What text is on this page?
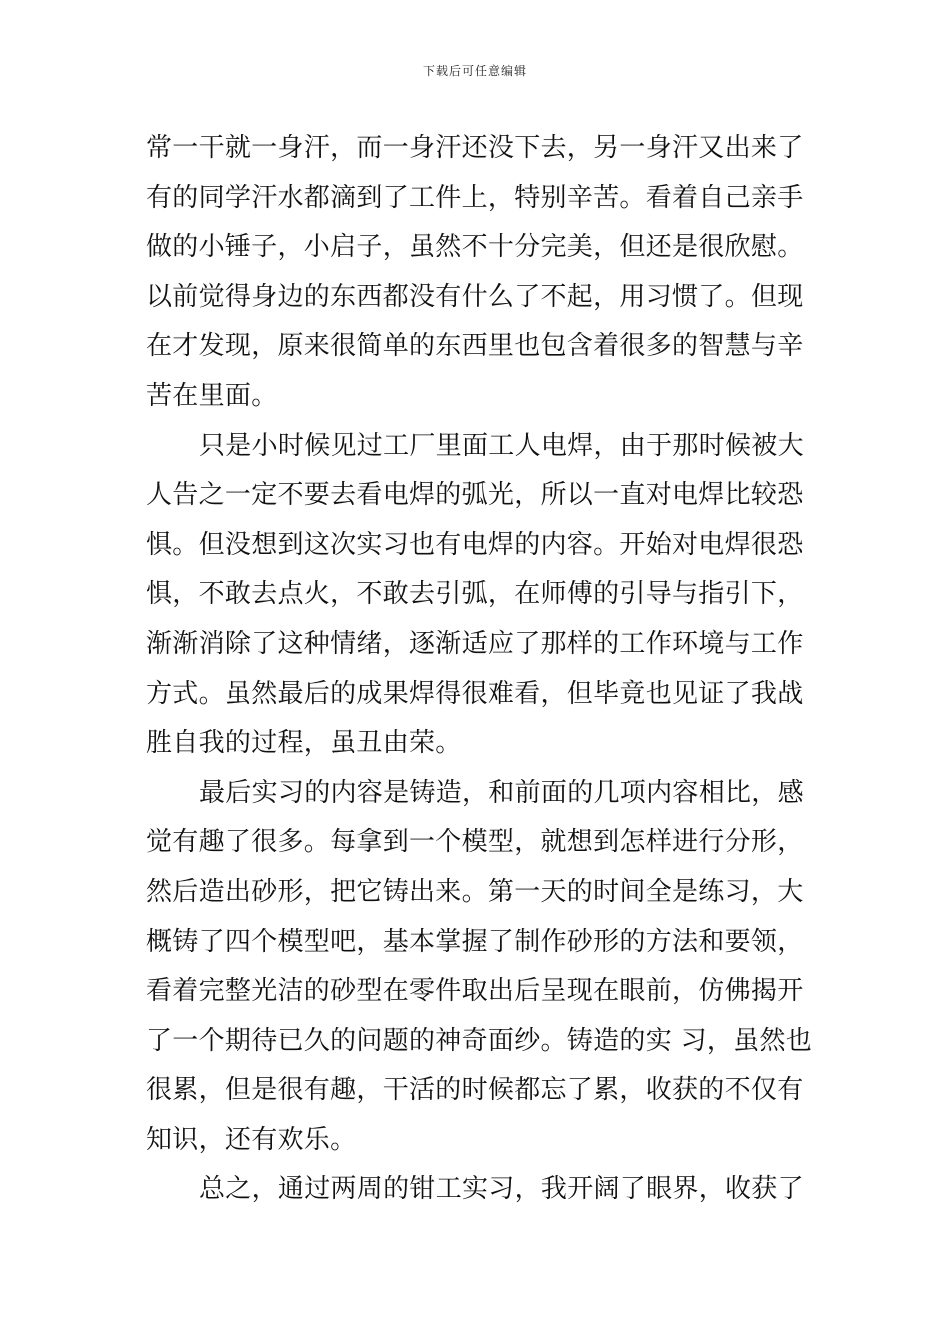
下载后可任意编辑
常一干就一身汗，而一身汗还没下去，另一身汗又出来了
有的同学汗水都滴到了工件上，特别辛苦。看着自己亲手
做的小锤子，小启子，虽然不十分完美，但还是很欣慰。
以前觉得身边的东西都没有什么了不起，用习惯了。但现
在才发现，原来很简单的东西里也包含着很多的智慧与辛
苦在里面。
只是小时候见过工厂里面工人电焊，由于那时候被大
人告之一定不要去看电焊的弧光，所以一直对电焊比较恐
惧。但没想到这次实习也有电焊的内容。开始对电焊很恐
惧，不敢去点火，不敢去引弧，在师傅的引导与指引下，
渐渐消除了这种情绪，逐渐适应了那样的工作环境与工作
方式。虽然最后的成果焊得很难看，但毕竟也见证了我战
胜自我的过程，虽丑由荣。
最后实习的内容是铸造，和前面的几项内容相比，感
觉有趣了很多。每拿到一个模型，就想到怎样进行分形，
然后造出砂形，把它铸出来。第一天的时间全是练习，大
概铸了四个模型吧，基本掌握了制作砂形的方法和要领，
看着完整光洁的砂型在零件取出后呈现在眼前，仿佛揭开
了一个期待已久的问题的神奇面纱。铸造的实 习，虽然也
很累，但是很有趣，干活的时候都忘了累，收获的不仅有
知识，还有欢乐。
总之，通过两周的钳工实习，我开阔了眼界，收获了
